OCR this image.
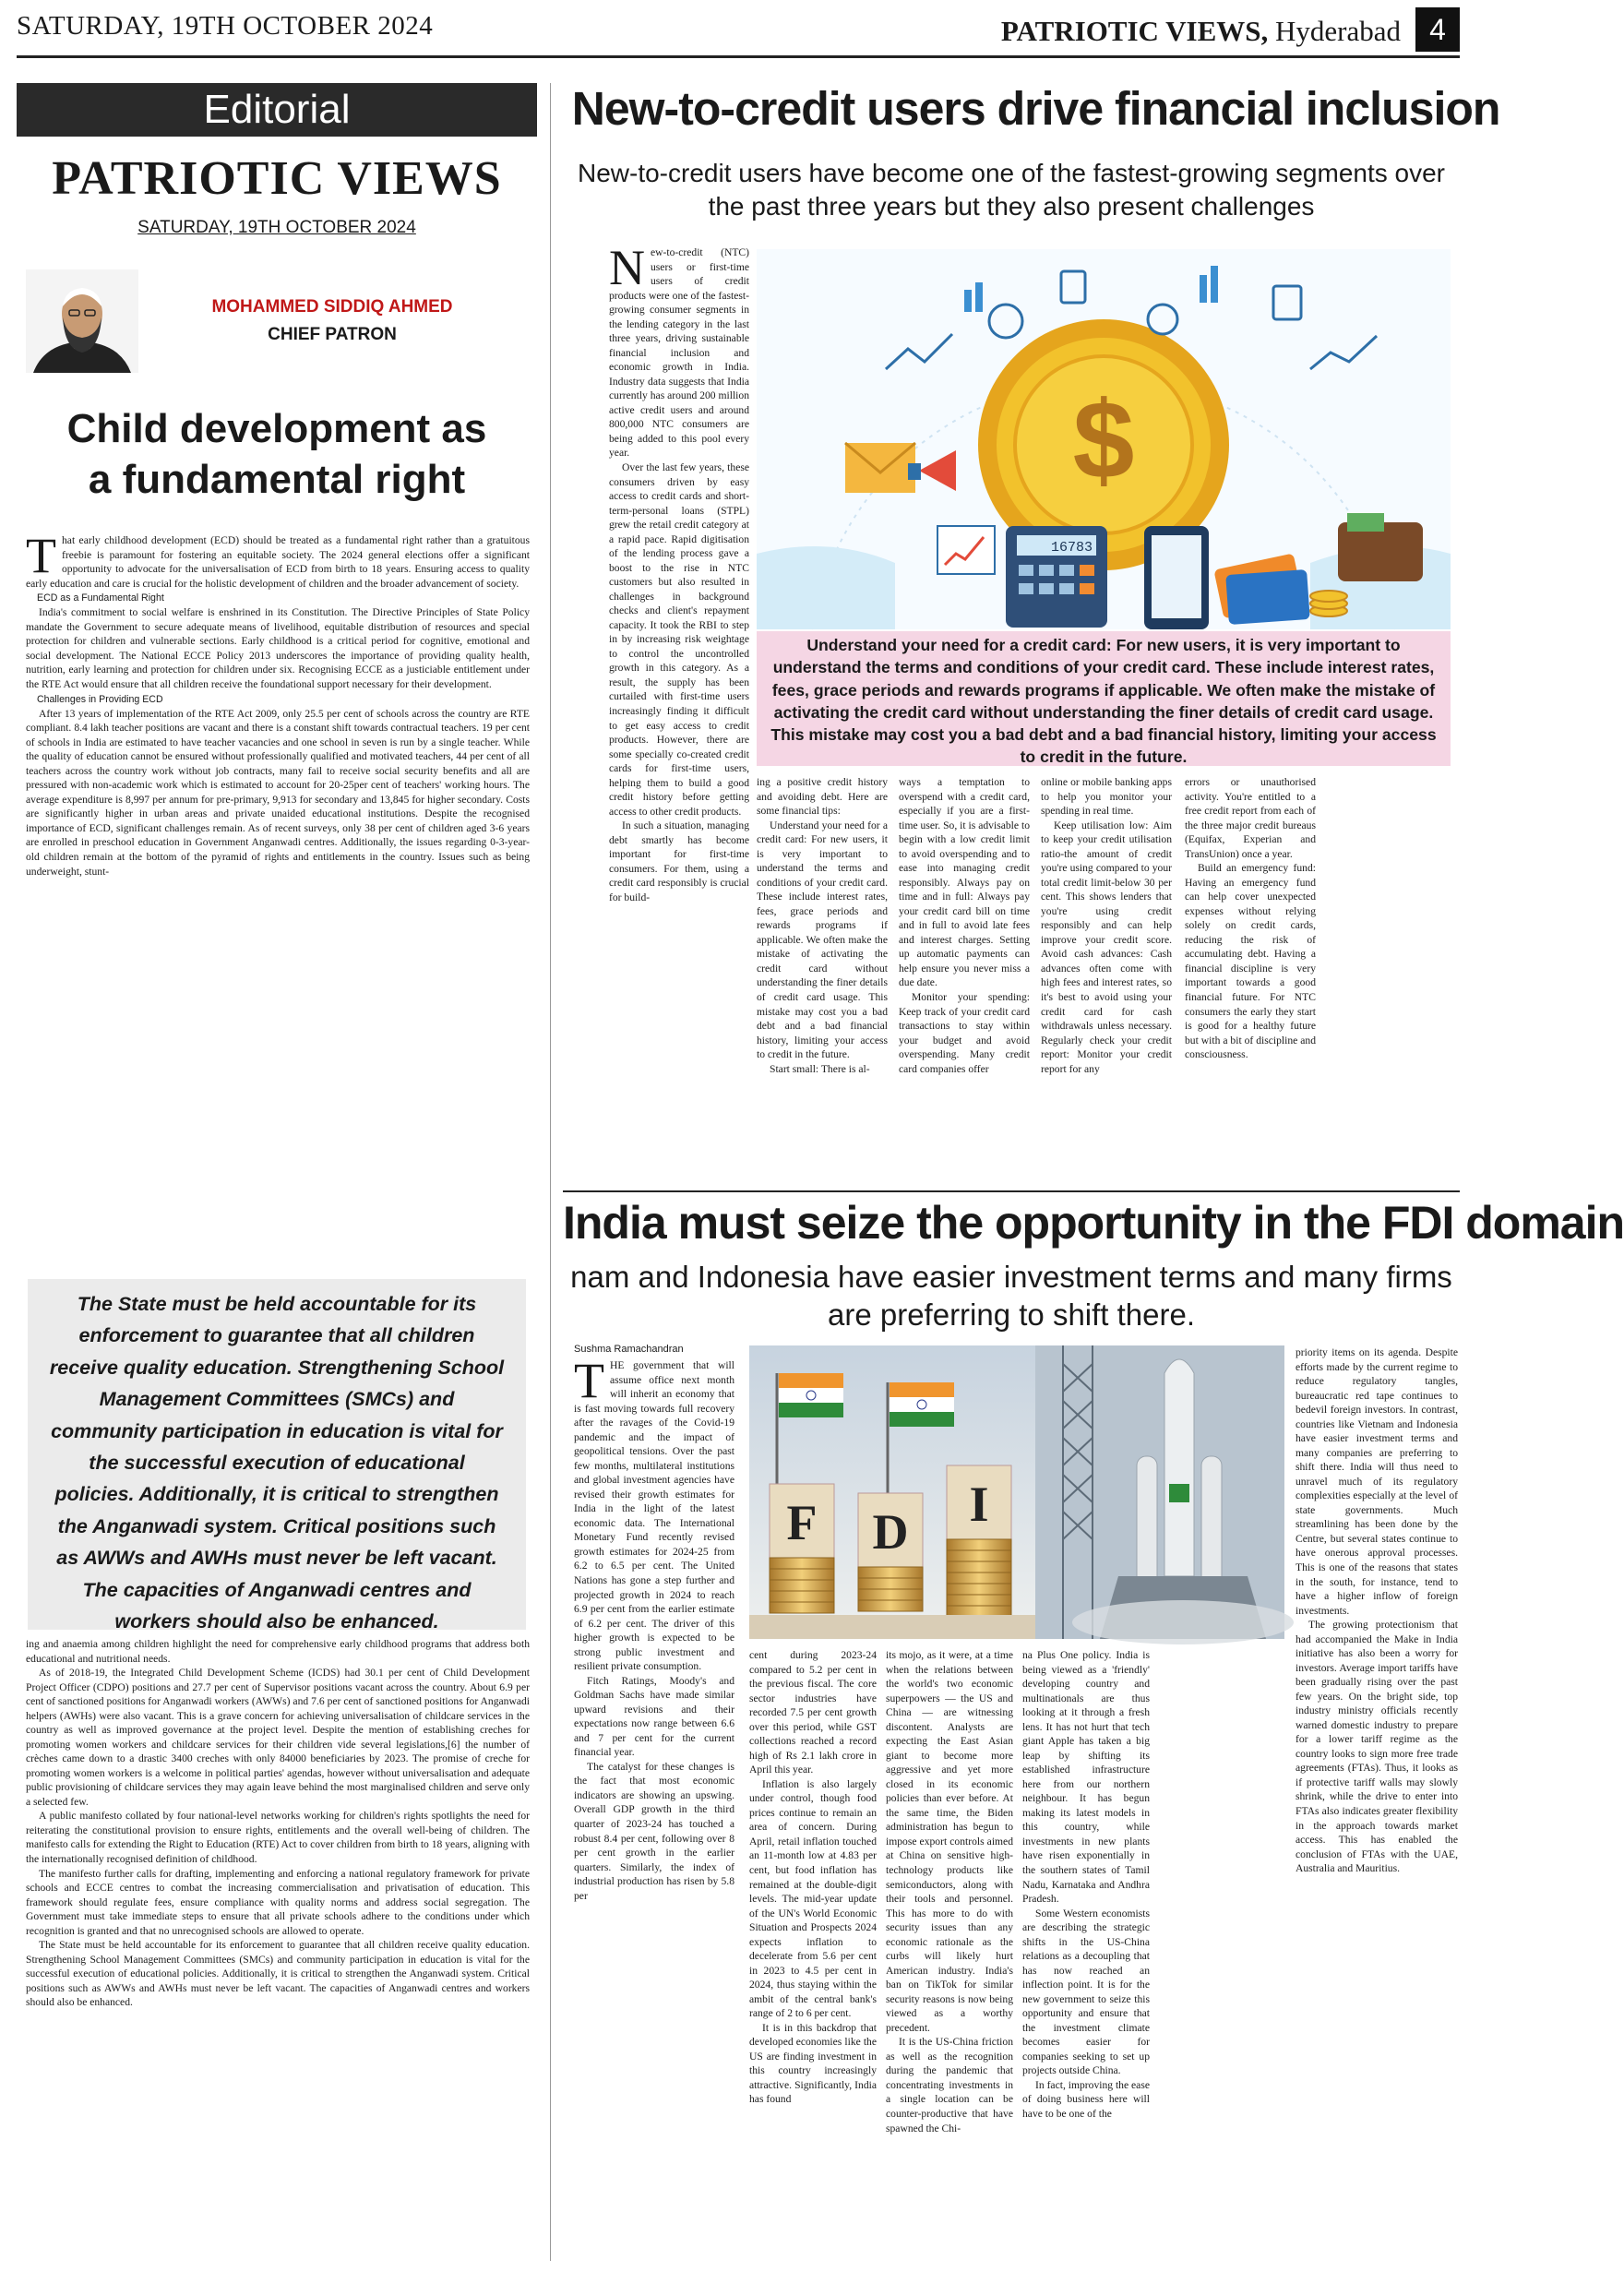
SATURDAY, 19TH OCTOBER 2024	PATRIOTIC VIEWS, Hyderabad 4
Editorial
PATRIOTIC VIEWS
SATURDAY, 19TH OCTOBER 2024
MOHAMMED SIDDIQ AHMED
CHIEF PATRON
Child development as
a fundamental right
T hat early childhood development (ECD) should be treated as a fundamental right rather than a gratuitous freebie is paramount for fostering an equitable society. The 2024 general elections offer a significant opportunity to advocate for the universalisation of ECD from birth to 18 years. Ensuring access to quality early education and care is crucial for the holistic development of children and the broader advancement of society.

ECD as a Fundamental Right

India's commitment to social welfare is enshrined in its Constitution. The Directive Principles of State Policy mandate the Government to secure adequate means of livelihood, equitable distribution of resources and special protection for children and vulnerable sections. Early childhood is a critical period for cognitive, emotional and social development. The National ECCE Policy 2013 underscores the importance of providing quality health, nutrition, early learning and protection for children under six. Recognising ECCE as a justiciable entitlement under the RTE Act would ensure that all children receive the foundational support necessary for their development.

Challenges in Providing ECD

After 13 years of implementation of the RTE Act 2009, only 25.5 per cent of schools across the country are RTE compliant. 8.4 lakh teacher positions are vacant and there is a constant shift towards contractual teachers. 19 per cent of schools in India are estimated to have teacher vacancies and one school in seven is run by a single teacher. While the quality of education cannot be ensured without professionally qualified and motivated teachers, 44 per cent of all teachers across the country work without job contracts, many fail to receive social security benefits and all are pressured with non-academic work which is estimated to account for 20-25per cent of teachers' working hours. The average expenditure is 8,997 per annum for pre-primary, 9,913 for secondary and 13,845 for higher secondary. Costs are significantly higher in urban areas and private unaided educational institutions. Despite the recognised importance of ECD, significant challenges remain. As of recent surveys, only 38 per cent of children aged 3-6 years are enrolled in preschool education in Government Anganwadi centres. Additionally, the issues regarding 0-3-year-old children remain at the bottom of the pyramid of rights and entitlements in the country. Issues such as being underweight, stunt-

The State must be held accountable for its enforcement to guarantee that all children receive quality education. Strengthening School Management Committees (SMCs) and community participation in education is vital for the successful execution of educational policies. Additionally, it is critical to strengthen the Anganwadi system. Critical positions such as AWWs and AWHs must never be left vacant. The capacities of Anganwadi centres and workers should also be enhanced.

ing and anaemia among children highlight the need for comprehensive early childhood programs that address both educational and nutritional needs.

As of 2018-19, the Integrated Child Development Scheme (ICDS) had 30.1 per cent of Child Development Project Officer (CDPO) positions and 27.7 per cent of Supervisor positions vacant across the country. About 6.9 per cent of sanctioned positions for Anganwadi workers (AWWs) and 7.6 per cent of sanctioned positions for Anganwadi helpers (AWHs) were also vacant. This is a grave concern for achieving universalisation of childcare services in the country as well as improved governance at the project level. Despite the mention of establishing creches for promoting women workers and childcare services for their children vide several legislations,[6] the number of crèches came down to a drastic 3400 creches with only 84000 beneficiaries by 2023. The promise of creche for promoting women workers is a welcome in political parties' agendas, however without universalisation and adequate public provisioning of childcare services they may again leave behind the most marginalised children and serve only a selected few.

A public manifesto collated by four national-level networks working for children's rights spotlights the need for reiterating the constitutional provision to ensure rights, entitlements and the overall well-being of children. The manifesto calls for extending the Right to Education (RTE) Act to cover children from birth to 18 years, aligning with the internationally recognised definition of childhood.

The manifesto further calls for drafting, implementing and enforcing a national regulatory framework for private schools and ECCE centres to combat the increasing commercialisation and privatisation of education. This framework should regulate fees, ensure compliance with quality norms and address social segregation. The Government must take immediate steps to ensure that all private schools adhere to the conditions under which recognition is granted and that no unrecognised schools are allowed to operate.

The State must be held accountable for its enforcement to guarantee that all children receive quality education. Strengthening School Management Committees (SMCs) and community participation in education is vital for the successful execution of educational policies. Additionally, it is critical to strengthen the Anganwadi system. Critical positions such as AWWs and AWHs must never be left vacant. The capacities of Anganwadi centres and workers should also be enhanced.

New-to-credit users drive financial inclusion
New-to-credit users have become one of the fastest-growing segments over the past three years but they also present challenges
N ew-to-credit (NTC) users or first-time users of credit products were one of the fastest-growing consumer segments in the lending category in the last three years, driving sustainable financial inclusion and economic growth in India. Industry data suggests that India currently has around 200 million active credit users and around 800,000 NTC consumers are being added to this pool every year.

Over the last few years, these consumers driven by easy access to credit cards and short-term-personal loans (STPL) grew the retail credit category at a rapid pace. Rapid digitisation of the lending process gave a boost to the rise in NTC customers but also resulted in challenges in background checks and client's repayment capacity. It took the RBI to step in by increasing risk weightage to control the uncontrolled growth in this category. As a result, the supply has been curtailed with first-time users increasingly finding it difficult to get easy access to credit products. However, there are some specially co-created credit cards for first-time users, helping them to build a good credit history before getting access to other credit products.

In such a situation, managing debt smartly has become important for first-time consumers. For them, using a credit card responsibly is crucial for build-

$
16783
Understand your need for a credit card: For new users, it is very important to understand the terms and conditions of your credit card. These include interest rates, fees, grace periods and rewards programs if applicable. We often make the mistake of activating the credit card without understanding the finer details of credit card usage. This mistake may cost you a bad debt and a bad financial history, limiting your access to credit in the future.

ing a positive credit history and avoiding debt. Here are some financial tips:

Understand your need for a credit card: For new users, it is very important to understand the terms and conditions of your credit card. These include interest rates, fees, grace periods and rewards programs if applicable. We often make the mistake of activating the credit card without understanding the finer details of credit card usage. This mistake may cost you a bad debt and a bad financial history, limiting your access to credit in the future.

Start small: There is al-

ways a temptation to overspend with a credit card, especially if you are a first-time user. So, it is advisable to begin with a low credit limit to avoid overspending and to ease into managing credit responsibly. Always pay on time and in full: Always pay your credit card bill on time and in full to avoid late fees and interest charges. Setting up automatic payments can help ensure you never miss a due date.

Monitor your spending: Keep track of your credit card transactions to stay within your budget and avoid overspending. Many credit card companies offer

online or mobile banking apps to help you monitor your spending in real time.

Keep utilisation low: Aim to keep your credit utilisation ratio-the amount of credit you're using compared to your total credit limit-below 30 per cent. This shows lenders that you're using credit responsibly and can help improve your credit score. Avoid cash advances: Cash advances often come with high fees and interest rates, so it's best to avoid using your credit card for cash withdrawals unless necessary. Regularly check your credit report: Monitor your credit report for any

errors or unauthorised activity. You're entitled to a free credit report from each of the three major credit bureaus (Equifax, Experian and TransUnion) once a year.

Build an emergency fund: Having an emergency fund can help cover unexpected expenses without relying solely on credit cards, reducing the risk of accumulating debt. Having a financial discipline is very important towards a good financial future. For NTC consumers the early they start is good for a healthy future but with a bit of discipline and consciousness.

India must seize the opportunity in the FDI domain
nam and Indonesia have easier investment terms and many firms are preferring to shift there.
Sushma Ramachandran
T HE government that will assume office next month will inherit an economy that is fast moving towards full recovery after the ravages of the Covid-19 pandemic and the impact of geopolitical tensions. Over the past few months, multilateral institutions and global investment agencies have revised their growth estimates for India in the light of the latest economic data. The International Monetary Fund recently revised growth estimates for 2024-25 from 6.2 to 6.5 per cent. The United Nations has gone a step further and projected growth in 2024 to reach 6.9 per cent from the earlier estimate of 6.2 per cent. The driver of this higher growth is expected to be strong public investment and resilient private consumption.

Fitch Ratings, Moody's and Goldman Sachs have made similar upward revisions and their expectations now range between 6.6 and 7 per cent for the current financial year.

The catalyst for these changes is the fact that most economic indicators are showing an upswing. Overall GDP growth in the third quarter of 2023-24 has touched a robust 8.4 per cent, following over 8 per cent growth in the earlier quarters. Similarly, the index of industrial production has risen by 5.8 per

F D I

cent during 2023-24 compared to 5.2 per cent in the previous fiscal. The core sector industries have recorded 7.5 per cent growth over this period, while GST collections reached a record high of Rs 2.1 lakh crore in April this year.

Inflation is also largely under control, though food prices continue to remain an area of concern. During April, retail inflation touched an 11-month low at 4.83 per cent, but food inflation has remained at the double-digit levels. The mid-year update of the UN's World Economic Situation and Prospects 2024 expects inflation to decelerate from 5.6 per cent in 2023 to 4.5 per cent in 2024, thus staying within the ambit of the central bank's range of 2 to 6 per cent.

It is in this backdrop that developed economies like the US are finding investment in this country increasingly attractive. Significantly, India has found

its mojo, as it were, at a time when the relations between the world's two economic superpowers — the US and China — are witnessing discontent. Analysts are expecting the East Asian giant to become more aggressive and yet more closed in its economic policies than ever before. At the same time, the Biden administration has begun to impose export controls aimed at China on sensitive high-technology products like semiconductors, along with their tools and personnel. This has more to do with security issues than any economic rationale as the curbs will likely hurt American industry. India's ban on TikTok for similar security reasons is now being viewed as a worthy precedent.

It is the US-China friction as well as the recognition during the pandemic that concentrating investments in a single location can be counter-productive that have spawned the Chi-

na Plus One policy. India is being viewed as a 'friendly' developing country and multinationals are thus looking at it through a fresh lens. It has not hurt that tech giant Apple has taken a big leap by shifting its established infrastructure here from our northern neighbour. It has begun making its latest models in this country, while investments in new plants have risen exponentially in the southern states of Tamil Nadu, Karnataka and Andhra Pradesh.

Some Western economists are describing the strategic shifts in the US-China relations as a decoupling that has now reached an inflection point. It is for the new government to seize this opportunity and ensure that the investment climate becomes easier for companies seeking to set up projects outside China.

In fact, improving the ease of doing business here will have to be one of the

priority items on its agenda. Despite efforts made by the current regime to reduce regulatory tangles, bureaucratic red tape continues to bedevil foreign investors. In contrast, countries like Vietnam and Indonesia have easier investment terms and many companies are preferring to shift there. India will thus need to unravel much of its regulatory complexities especially at the level of state governments. Much streamlining has been done by the Centre, but several states continue to have onerous approval processes. This is one of the reasons that states in the south, for instance, tend to have a higher inflow of foreign investments.

The growing protectionism that had accompanied the Make in India initiative has also been a worry for investors. Average import tariffs have been gradually rising over the past few years. On the bright side, top industry ministry officials recently warned domestic industry to prepare for a lower tariff regime as the country looks to sign more free trade agreements (FTAs). Thus, it looks as if protective tariff walls may slowly shrink, while the drive to enter into FTAs also indicates greater flexibility in the approach towards market access. This has enabled the conclusion of FTAs with the UAE, Australia and Mauritius.
